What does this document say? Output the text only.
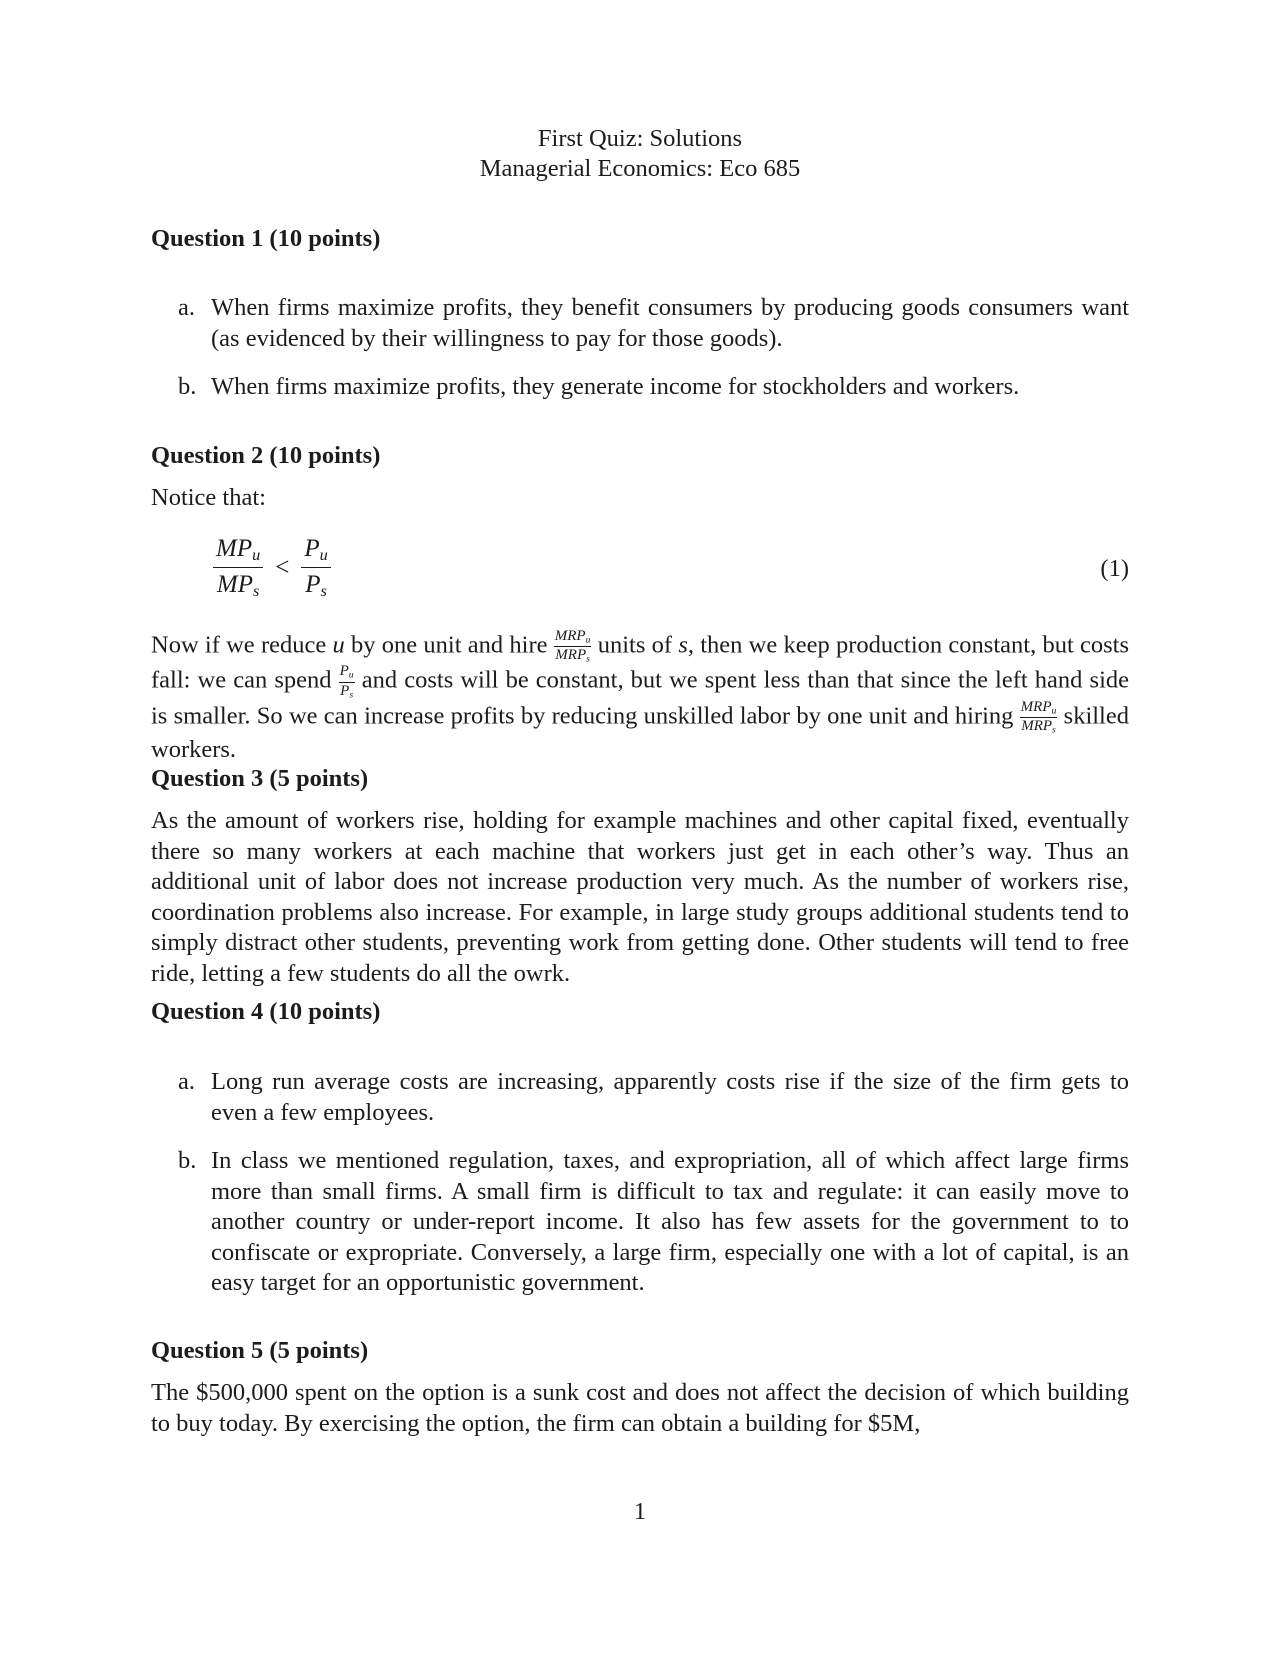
First Quiz: Solutions
Managerial Economics: Eco 685
Question 1 (10 points)
a. When firms maximize profits, they benefit consumers by producing goods consumers want (as evidenced by their willingness to pay for those goods).
b. When firms maximize profits, they generate income for stockholders and workers.
Question 2 (10 points)
Notice that:
$\frac{MP_u}{MP_s} < \frac{P_u}{P_s}$	(1)
Now if we reduce u by one unit and hire $\frac{MRP_u}{MRP_s}$ units of s, then we keep production constant, but costs fall: we can spend $\frac{P_u}{P_s}$ and costs will be constant, but we spent less than that since the left hand side is smaller. So we can increase profits by reducing unskilled labor by one unit and hiring $\frac{MRP_u}{MRP_s}$ skilled workers.
Question 3 (5 points)
As the amount of workers rise, holding for example machines and other capital fixed, eventually there so many workers at each machine that workers just get in each other’s way. Thus an additional unit of labor does not increase production very much. As the number of workers rise, coordination problems also increase. For example, in large study groups additional students tend to simply distract other students, preventing work from getting done. Other students will tend to free ride, letting a few students do all the owrk.
Question 4 (10 points)
a. Long run average costs are increasing, apparently costs rise if the size of the firm gets to even a few employees.
b. In class we mentioned regulation, taxes, and expropriation, all of which affect large firms more than small firms. A small firm is difficult to tax and regulate: it can easily move to another country or under-report income. It also has few assets for the government to to confiscate or expropriate. Conversely, a large firm, especially one with a lot of capital, is an easy target for an opportunistic government.
Question 5 (5 points)
The $500,000 spent on the option is a sunk cost and does not affect the decision of which building to buy today. By exercising the option, the firm can obtain a building for $5M,
1
